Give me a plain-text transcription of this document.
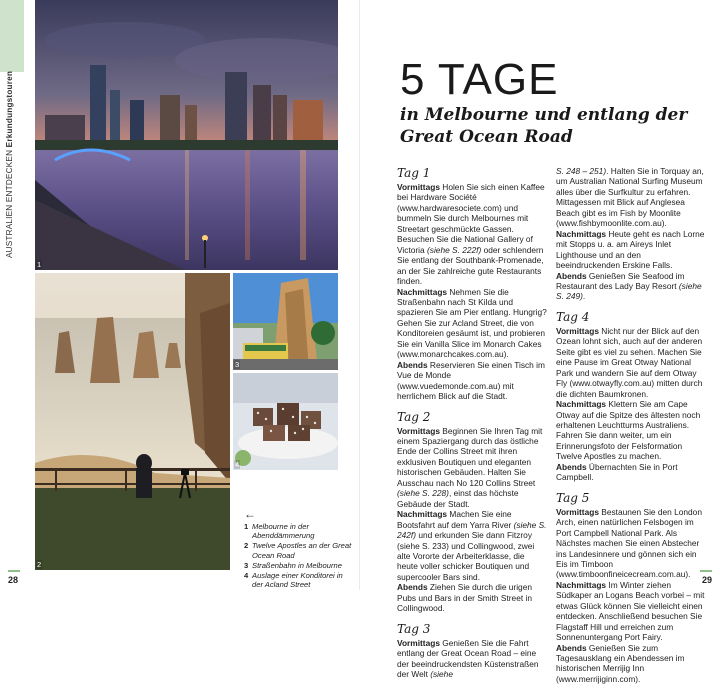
AUSTRALIEN ENTDECKEN Erkundungstouren
1
2
3
4
←
1 Melbourne in der Abenddämmerung
2 Twelve Apostles an der Great Ocean Road
3 Straßenbahn in Melbourne
4 Auslage einer Konditorei in der Acland Street
28
5 TAGE
in Melbourne und entlang der Great Ocean Road
Tag 1

Vormittags Holen Sie sich einen Kaffee bei Hardware Société (www.hardwaresociete.com) und bummeln Sie durch Melbournes mit Streetart geschmückte Gassen. Besuchen Sie die National Gallery of Victoria (siehe S. 222f) oder schlendern Sie entlang der Southbank-Promenade, an der Sie zahlreiche gute Restaurants finden.
Nachmittags Nehmen Sie die Straßenbahn nach St Kilda und spazieren Sie am Pier entlang. Hungrig? Gehen Sie zur Acland Street, die von Konditoreien gesäumt ist, und probieren Sie ein Vanilla Slice im Monarch Cakes (www.monarchcakes.com.au).
Abends Reservieren Sie einen Tisch im Vue de Monde (www.vuedemonde.com.au) mit herrlichem Blick auf die Stadt.

Tag 2

Vormittags Beginnen Sie Ihren Tag mit einem Spaziergang durch das östliche Ende der Collins Street mit ihren exklusiven Boutiquen und eleganten historischen Gebäuden. Halten Sie Ausschau nach No 120 Collins Street (siehe S. 228), einst das höchste Gebäude der Stadt.
Nachmittags Machen Sie eine Bootsfahrt auf dem Yarra River (siehe S. 242f) und erkunden Sie dann Fitzroy (siehe S. 233) und Collingwood, zwei alte Vororte der Arbeiterklasse, die heute voller schicker Boutiquen und supercooler Bars sind.
Abends Ziehen Sie durch die urigen Pubs und Bars in der Smith Street in Collingwood.

Tag 3

Vormittags Genießen Sie die Fahrt entlang der Great Ocean Road – eine der beeindruckendsten Küstenstraßen der Welt (siehe

S. 248 – 251). Halten Sie in Torquay an, um Australian National Surfing Museum alles über die Surfkultur zu erfahren. Mittagessen mit Blick auf Anglesea Beach gibt es im Fish by Moonlite (www.fishbymoonlite.com.au).
Nachmittags Heute geht es nach Lorne mit Stopps u. a. am Aireys Inlet Lighthouse und an den beeindruckenden Erskine Falls.
Abends Genießen Sie Seafood im Restaurant des Lady Bay Resort (siehe S. 249).

Tag 4

Vormittags Nicht nur der Blick auf den Ozean lohnt sich, auch auf der anderen Seite gibt es viel zu sehen. Machen Sie eine Pause im Great Otway National Park und wandern Sie auf dem Otway Fly (www.otwayfly.com.au) mitten durch die dichten Baumkronen.
Nachmittags Klettern Sie am Cape Otway auf die Spitze des ältesten noch erhaltenen Leuchtturms Australiens. Fahren Sie dann weiter, um ein Erinnerungsfoto der Felsformation Twelve Apostles zu machen.
Abends Übernachten Sie in Port Campbell.

Tag 5

Vormittags Bestaunen Sie den London Arch, einen natürlichen Felsbogen im Port Campbell National Park. Als Nächstes machen Sie einen Abstecher ins Landesinnere und gönnen sich ein Eis im Timboon (www.timboonfineicecream.com.au).
Nachmittags Im Winter ziehen Südkaper an Logans Beach vorbei – mit etwas Glück können Sie vielleicht einen entdecken. Anschließend besuchen Sie Flagstaff Hill und erreichen zum Sonnenuntergang Port Fairy.
Abends Genießen Sie zum Tagesausklang ein Abendessen im historischen Merrijig Inn (www.merrijiginn.com).

29
